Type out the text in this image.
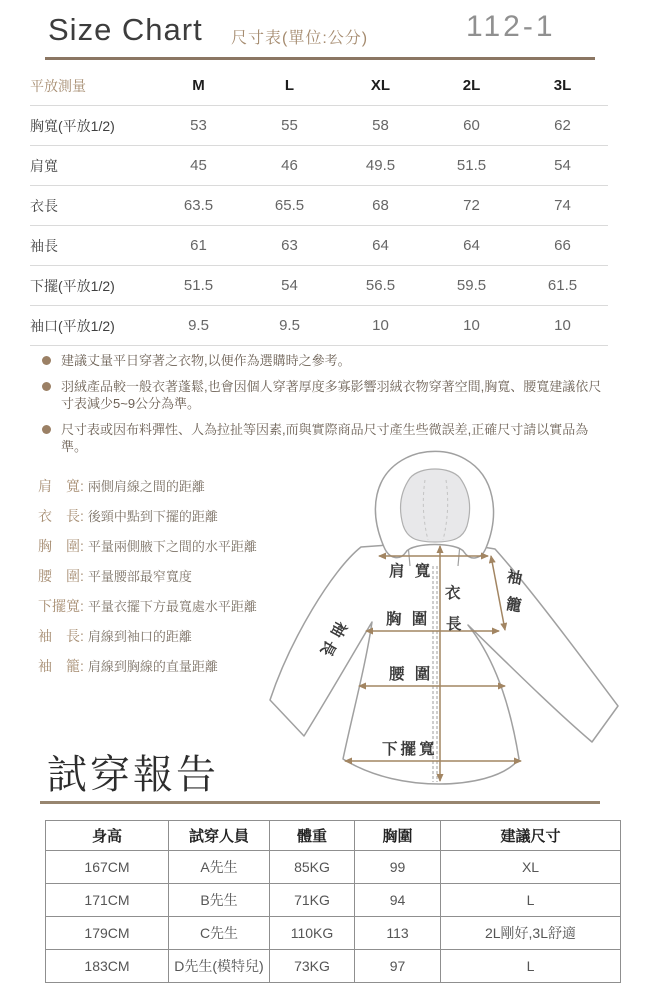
Size Chart 尺寸表(單位:公分)	112-1
平放測量	M	L	XL	2L	3L
胸寬(平放1/2)	53	55	58	60	62
肩寬	45	46	49.5	51.5	54
衣長	63.5	65.5	68	72	74
袖長	61	63	64	64	66
下擺(平放1/2)	51.5	54	56.5	59.5	61.5
袖口(平放1/2)	9.5	9.5	10	10	10
建議丈量平日穿著之衣物,以便作為選購時之參考。
羽絨產品較一般衣著蓬鬆,也會因個人穿著厚度多寡影響羽絨衣物穿著空間,胸寬、腰寬建議依尺寸表減少5~9公分為準。
尺寸表或因布料彈性、人為拉扯等因素,而與實際商品尺寸產生些微誤差,正確尺寸請以實品為準。
肩　寬: 兩側肩線之間的距離
衣　長: 後頸中點到下擺的距離
胸　圍: 平量兩側腋下之間的水平距離
腰　圍: 平量腰部最窄寬度
下擺寬: 平量衣擺下方最寬處水平距離
袖　長: 肩線到袖口的距離
袖　籠: 肩線到胸線的直量距離
肩 寬
衣
長
胸 圍
腰 圍
下擺寬
袖
籠
袖長
試穿報告
身高	試穿人員	體重	胸圍	建議尺寸
167CM	A先生	85KG	99	XL
171CM	B先生	71KG	94	L
179CM	C先生	110KG	113	2L剛好,3L舒適
183CM	D先生(模特兒)	73KG	97	L
